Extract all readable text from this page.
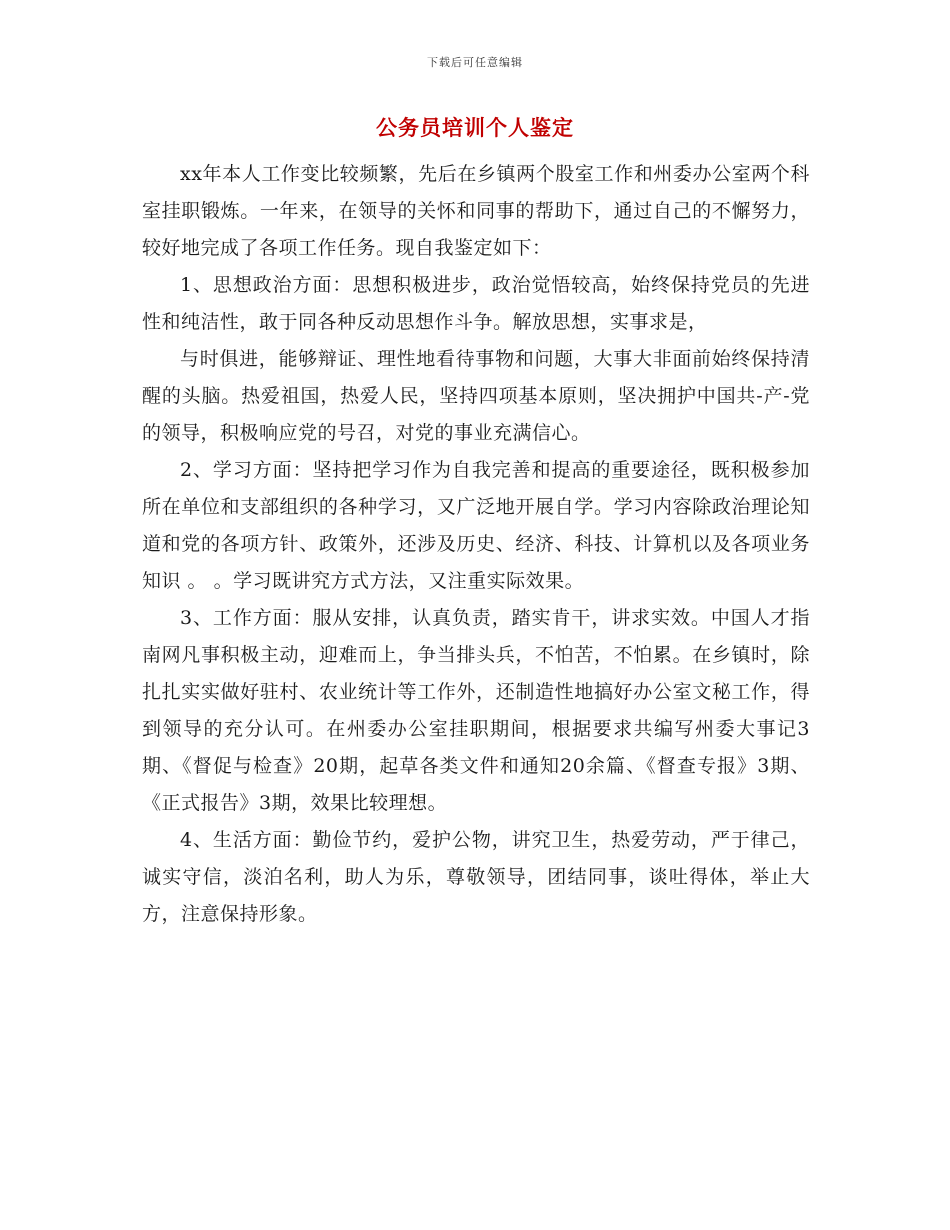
下载后可任意编辑
公务员培训个人鉴定

xx年本人工作变比较频繁，先后在乡镇两个股室工作和州委办公室两个科室挂职锻炼。一年来，在领导的关怀和同事的帮助下，通过自己的不懈努力，较好地完成了各项工作任务。现自我鉴定如下：

1、思想政治方面：思想积极进步，政治觉悟较高，始终保持党员的先进性和纯洁性，敢于同各种反动思想作斗争。解放思想，实事求是，

与时俱进，能够辩证、理性地看待事物和问题，大事大非面前始终保持清醒的头脑。热爱祖国，热爱人民，坚持四项基本原则，坚决拥护中国共-产-党的领导，积极响应党的号召，对党的事业充满信心。

2、学习方面：坚持把学习作为自我完善和提高的重要途径，既积极参加所在单位和支部组织的各种学习，又广泛地开展自学。学习内容除政治理论知道和党的各项方针、政策外，还涉及历史、经济、科技、计算机以及各项业务知识 。 。学习既讲究方式方法，又注重实际效果。

3、工作方面：服从安排，认真负责，踏实肯干，讲求实效。中国人才指南网凡事积极主动，迎难而上，争当排头兵，不怕苦，不怕累。在乡镇时，除扎扎实实做好驻村、农业统计等工作外，还制造性地搞好办公室文秘工作，得到领导的充分认可。在州委办公室挂职期间，根据要求共编写州委大事记3期、《督促与检查》20期，起草各类文件和通知20余篇、《督查专报》3期、《正式报告》3期，效果比较理想。

4、生活方面：勤俭节约，爱护公物，讲究卫生，热爱劳动，严于律己，诚实守信，淡泊名利，助人为乐，尊敬领导，团结同事，谈吐得体，举止大方，注意保持形象。
